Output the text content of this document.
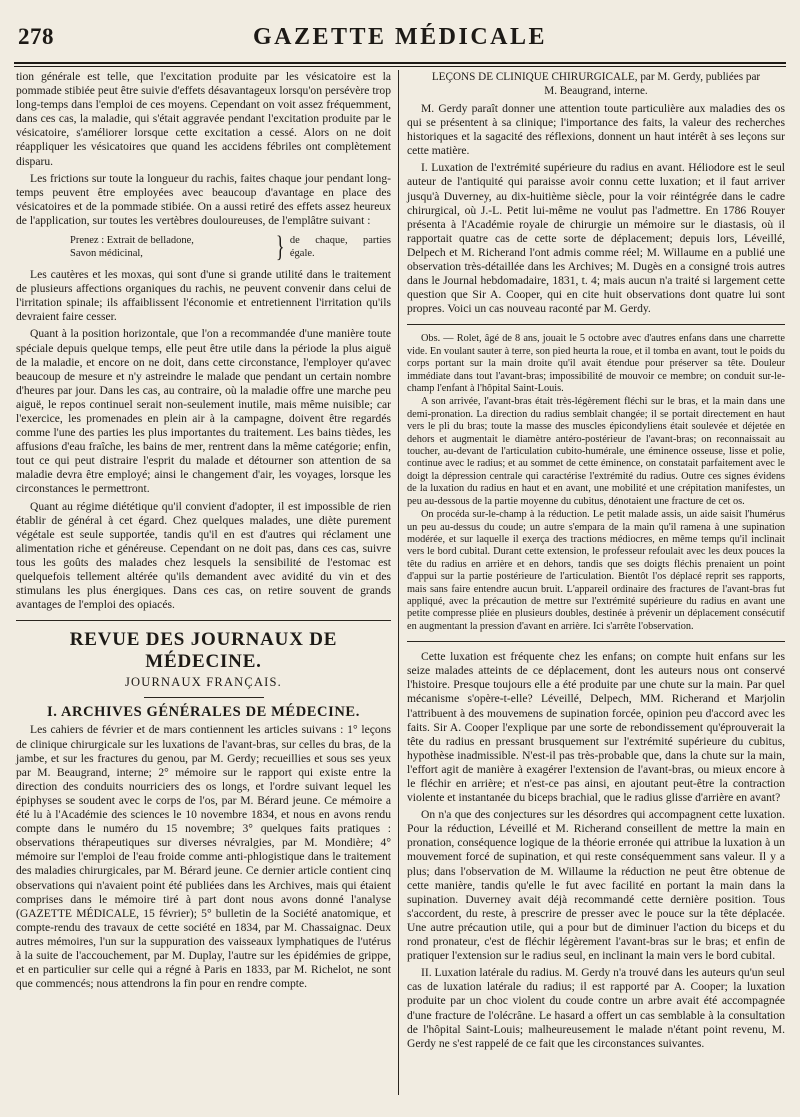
278	GAZETTE MÉDICALE

tion générale est telle, que l'excitation produite par les vésicatoire est la pommade stibiée peut être suivie d'effets désavantageux lorsqu'on persévère trop long-temps dans l'emploi de ces moyens. Cependant on voit assez fréquemment, dans ces cas, la maladie, qui s'était aggravée pendant l'excitation produite par le vésicatoire, s'améliorer lorsque cette excitation a cessé. Alors on ne doit réappliquer les vésicatoires que quand les accidens fébriles ont complètement disparu.

Les frictions sur toute la longueur du rachis, faites chaque jour pendant long-temps peuvent être employées avec beaucoup d'avantage en place des vésicatoires et de la pommade stibiée. On a aussi retiré des effets assez heureux de l'application, sur toutes les vertèbres douloureuses, de l'emplâtre suivant :

Prenez : Extrait de belladone,
Savon médicinal,	} de chaque, parties égale.

Les cautères et les moxas, qui sont d'une si grande utilité dans le traitement de plusieurs affections organiques du rachis, ne peuvent convenir dans celui de l'irritation spinale; ils affaiblissent l'économie et entretiennent l'irritation qu'ils devraient faire cesser.

Quant à la position horizontale, que l'on a recommandée d'une manière toute spéciale depuis quelque temps, elle peut être utile dans la période la plus aiguë de la maladie, et encore on ne doit, dans cette circonstance, l'employer qu'avec beaucoup de mesure et n'y astreindre le malade que pendant un certain nombre d'heures par jour. Dans les cas, au contraire, où la maladie offre une marche peu aiguë, le repos continuel serait non-seulement inutile, mais même nuisible; car l'exercice, les promenades en plein air à la campagne, doivent être regardés comme l'une des parties les plus importantes du traitement. Les bains tièdes, les affusions d'eau fraîche, les bains de mer, rentrent dans la même catégorie; enfin, tout ce qui peut distraire l'esprit du malade et détourner son attention de sa maladie devra être employé; ainsi le changement d'air, les voyages, lorsque les circonstances le permettront.

Quant au régime diététique qu'il convient d'adopter, il est impossible de rien établir de général à cet égard. Chez quelques malades, une diète purement végétale est seule supportée, tandis qu'il en est d'autres qui réclament une alimentation riche et généreuse. Cependant on ne doit pas, dans ces cas, suivre tous les goûts des malades chez lesquels la sensibilité de l'estomac est quelquefois tellement altérée qu'ils demandent avec avidité du vin et des stimulans les plus énergiques. Dans ces cas, on retire souvent de grands avantages de l'emploi des opiacés.

REVUE DES JOURNAUX DE MÉDECINE.
JOURNAUX FRANÇAIS.
I. ARCHIVES GÉNÉRALES DE MÉDECINE.

Les cahiers de février et de mars contiennent les articles suivans : 1° leçons de clinique chirurgicale sur les luxations de l'avant-bras, sur celles du bras, de la jambe, et sur les fractures du genou, par M. Gerdy; recueillies et sous ses yeux par M. Beaugrand, interne; 2° mémoire sur le rapport qui existe entre la direction des conduits nourriciers des os longs, et l'ordre suivant lequel les épiphyses se soudent avec le corps de l'os, par M. Bérard jeune. Ce mémoire a été lu à l'Académie des sciences le 10 novembre 1834, et nous en avons rendu compte dans le numéro du 15 novembre; 3° quelques faits pratiques : observations thérapeutiques sur diverses névralgies, par M. Mondière; 4° mémoire sur l'emploi de l'eau froide comme anti-phlogistique dans le traitement des maladies chirurgicales, par M. Bérard jeune. Ce dernier article contient cinq observations qui n'avaient point été publiées dans les Archives, mais qui étaient comprises dans le mémoire tiré à part dont nous avons donné l'analyse (GAZETTE MÉDICALE, 15 février); 5° bulletin de la Société anatomique, et compte-rendu des travaux de cette société en 1834, par M. Chassaignac. Deux autres mémoires, l'un sur la suppuration des vaisseaux lymphatiques de l'utérus à la suite de l'accouchement, par M. Duplay, l'autre sur les épidémies de grippe, et en particulier sur celle qui a régné à Paris en 1833, par M. Richelot, ne sont que commencés; nous attendrons la fin pour en rendre compte.

LEÇONS DE CLINIQUE CHIRURGICALE, par M. Gerdy, publiées par
M. Beaugrand, interne.

M. Gerdy paraît donner une attention toute particulière aux maladies des os qui se présentent à sa clinique; l'importance des faits, la valeur des recherches historiques et la sagacité des réflexions, donnent un haut intérêt à ses leçons sur cette matière.

I. Luxation de l'extrémité supérieure du radius en avant. Héliodore est le seul auteur de l'antiquité qui paraisse avoir connu cette luxation; et il faut arriver jusqu'à Duverney, au dix-huitième siècle, pour la voir réintégrée dans le cadre chirurgical, où J.-L. Petit lui-même ne voulut pas l'admettre. En 1786 Rouyer présenta à l'Académie royale de chirurgie un mémoire sur le diastasis, où il rapportait quatre cas de cette sorte de déplacement; depuis lors, Léveillé, Delpech et M. Richerand l'ont admis comme réel; M. Willaume en a publié une observation très-détaillée dans les Archives; M. Dugès en a consigné trois autres dans le Journal hebdomadaire, 1831, t. 4; mais aucun n'a traité si largement cette question que Sir A. Cooper, qui en cite huit observations dont quatre lui sont propres. Voici un cas nouveau raconté par M. Gerdy.

Obs. — Rolet, âgé de 8 ans, jouait le 5 octobre avec d'autres enfans dans une charrette vide. En voulant sauter à terre, son pied heurta la roue, et il tomba en avant, tout le poids du corps portant sur la main droite qu'il avait étendue pour préserver sa tête. Douleur immédiate dans tout l'avant-bras; impossibilité de mouvoir ce membre; on conduit sur-le-champ l'enfant à l'hôpital Saint-Louis.

A son arrivée, l'avant-bras était très-légèrement fléchi sur le bras, et la main dans une demi-pronation. La direction du radius semblait changée; il se portait directement en haut vers le pli du bras; toute la masse des muscles épicondyliens était soulevée et déjetée en dehors et augmentait le diamètre antéro-postérieur de l'avant-bras; on reconnaissait au toucher, au-devant de l'articulation cubito-humérale, une éminence osseuse, lisse et polie, continue avec le radius; et au sommet de cette éminence, on constatait parfaitement avec le doigt la dépression centrale qui caractérise l'extrémité du radius. Outre ces signes évidens de la luxation du radius en haut et en avant, une mobilité et une crépitation manifestes, un peu au-dessous de la partie moyenne du cubitus, dénotaient une fracture de cet os.

On procéda sur-le-champ à la réduction. Le petit malade assis, un aide saisit l'humérus un peu au-dessus du coude; un autre s'empara de la main qu'il ramena à une supination modérée, et sur laquelle il exerça des tractions médiocres, en même temps qu'il inclinait vers le bord cubital. Durant cette extension, le professeur refoulait avec les deux pouces la tête du radius en arrière et en dehors, tandis que ses doigts fléchis prenaient un point d'appui sur la partie postérieure de l'articulation. Bientôt l'os déplacé reprit ses rapports, mais sans faire entendre aucun bruit. L'appareil ordinaire des fractures de l'avant-bras fut appliqué, avec la précaution de mettre sur l'extrémité supérieure du radius en avant une petite compresse pliée en plusieurs doubles, destinée à prévenir un déplacement consécutif en augmentant la pression d'avant en arrière. Ici s'arrête l'observation.

Cette luxation est fréquente chez les enfans; on compte huit enfans sur les seize malades atteints de ce déplacement, dont les auteurs nous ont conservé l'histoire. Presque toujours elle a été produite par une chute sur la main. Par quel mécanisme s'opère-t-elle? Léveillé, Delpech, MM. Richerand et Marjolin l'attribuent à des mouvemens de supination forcée, opinion peu d'accord avec les faits. Sir A. Cooper l'explique par une sorte de rebondissement qu'éprouverait la tête du radius en pressant brusquement sur l'extrémité supérieure du cubitus, hypothèse inadmissible. N'est-il pas très-probable que, dans la chute sur la main, l'effort agit de manière à exagérer l'extension de l'avant-bras, ou mieux encore à le fléchir en arrière; et n'est-ce pas ainsi, en ajoutant peut-être la contraction violente et instantanée du biceps brachial, que le radius glisse d'arrière en avant?

On n'a que des conjectures sur les désordres qui accompagnent cette luxation. Pour la réduction, Léveillé et M. Richerand conseillent de mettre la main en pronation, conséquence logique de la théorie erronée qui attribue la luxation à un mouvement forcé de supination, et qui reste conséquemment sans valeur. Il y a plus; dans l'observation de M. Willaume la réduction ne peut être obtenue de cette manière, tandis qu'elle le fut avec facilité en portant la main dans la supination. Duverney avait déjà recommandé cette dernière position. Tous s'accordent, du reste, à prescrire de presser avec le pouce sur la tête déplacée. Une autre précaution utile, qui a pour but de diminuer l'action du biceps et du rond pronateur, c'est de fléchir légèrement l'avant-bras sur le bras; et enfin de pratiquer l'extension sur le radius seul, en inclinant la main vers le bord cubital.

II. Luxation latérale du radius. M. Gerdy n'a trouvé dans les auteurs qu'un seul cas de luxation latérale du radius; il est rapporté par A. Cooper; la luxation produite par un choc violent du coude contre un arbre avait été accompagnée d'une fracture de l'olécrâne. Le hasard a offert un cas semblable à la consultation de l'hôpital Saint-Louis; malheureusement le malade n'étant point revenu, M. Gerdy ne s'est rappelé de ce fait que les circonstances suivantes.
